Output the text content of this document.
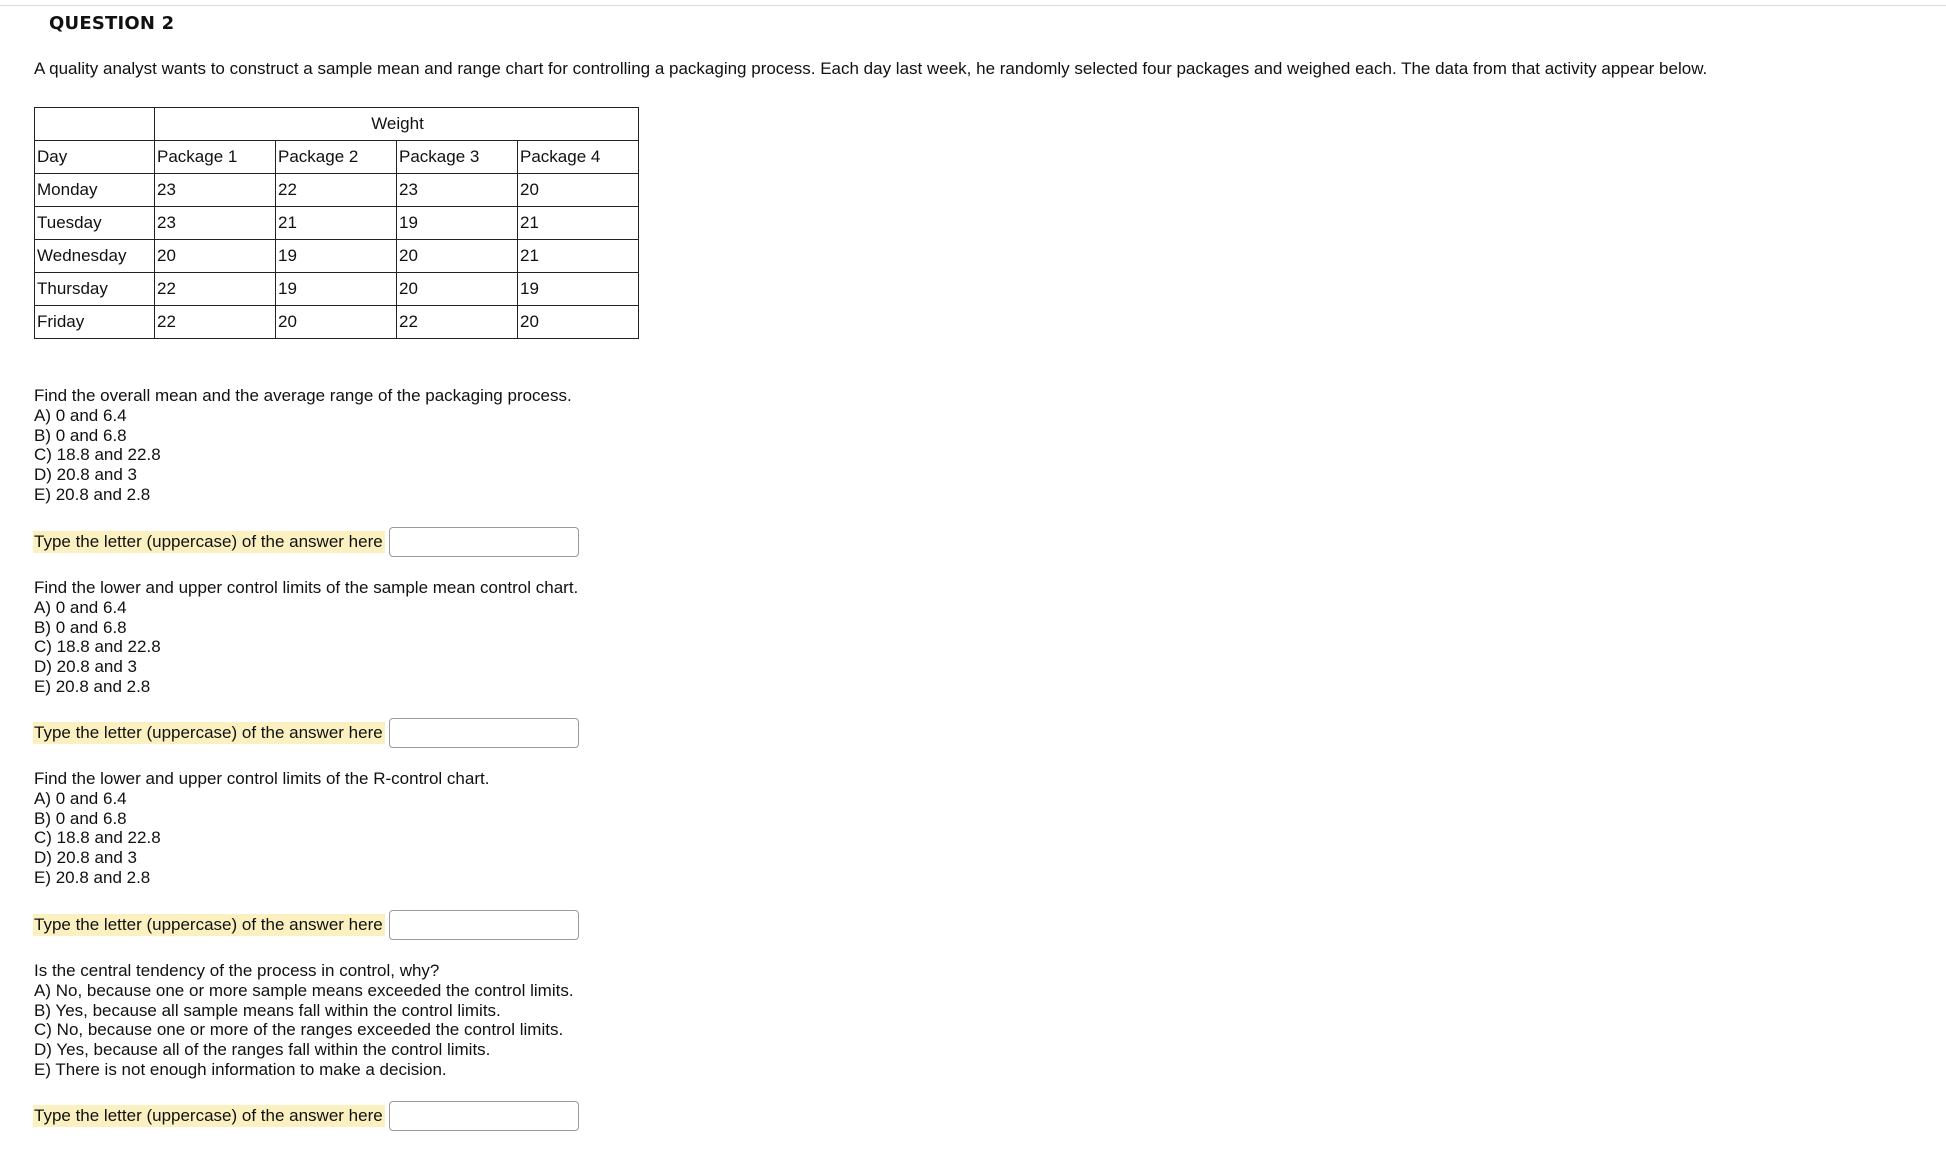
QUESTION 2
A quality analyst wants to construct a sample mean and range chart for controlling a packaging process. Each day last week, he randomly selected four packages and weighed each. The data from that activity appear below.
	Weight			
Day	Package 1	Package 2	Package 3	Package 4
Monday	23	22	23	20
Tuesday	23	21	19	21
Wednesday	20	19	20	21
Thursday	22	19	20	19
Friday	22	20	22	20
Find the overall mean and the average range of the packaging process.
A) 0 and 6.4
B) 0 and 6.8
C) 18.8 and 22.8
D) 20.8 and 3
E) 20.8 and 2.8
Type the letter (uppercase) of the answer here
Find the lower and upper control limits of the sample mean control chart.
A) 0 and 6.4
B) 0 and 6.8
C) 18.8 and 22.8
D) 20.8 and 3
E) 20.8 and 2.8
Type the letter (uppercase) of the answer here
Find the lower and upper control limits of the R-control chart.
A) 0 and 6.4
B) 0 and 6.8
C) 18.8 and 22.8
D) 20.8 and 3
E) 20.8 and 2.8
Type the letter (uppercase) of the answer here
Is the central tendency of the process in control, why?
A) No, because one or more sample means exceeded the control limits.
B) Yes, because all sample means fall within the control limits.
C) No, because one or more of the ranges exceeded the control limits.
D) Yes, because all of the ranges fall within the control limits.
E) There is not enough information to make a decision.
Type the letter (uppercase) of the answer here
